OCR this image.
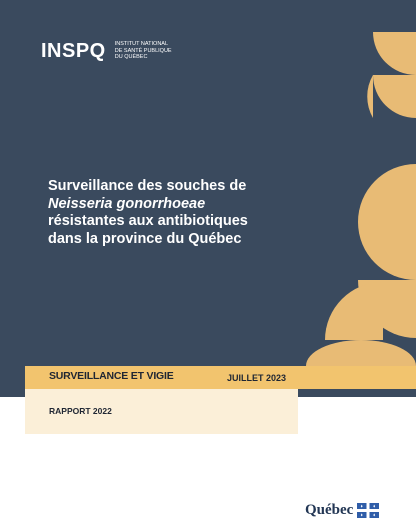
INSPQ INSTITUT NATIONAL
DE SANTÉ PUBLIQUE
DU QUÉBEC
Surveillance des souches de
Neisseria gonorrhoeae
résistantes aux antibiotiques
dans la province du Québec
SURVEILLANCE ET VIGIE	JUILLET 2023
RAPPORT 2022
Québec
